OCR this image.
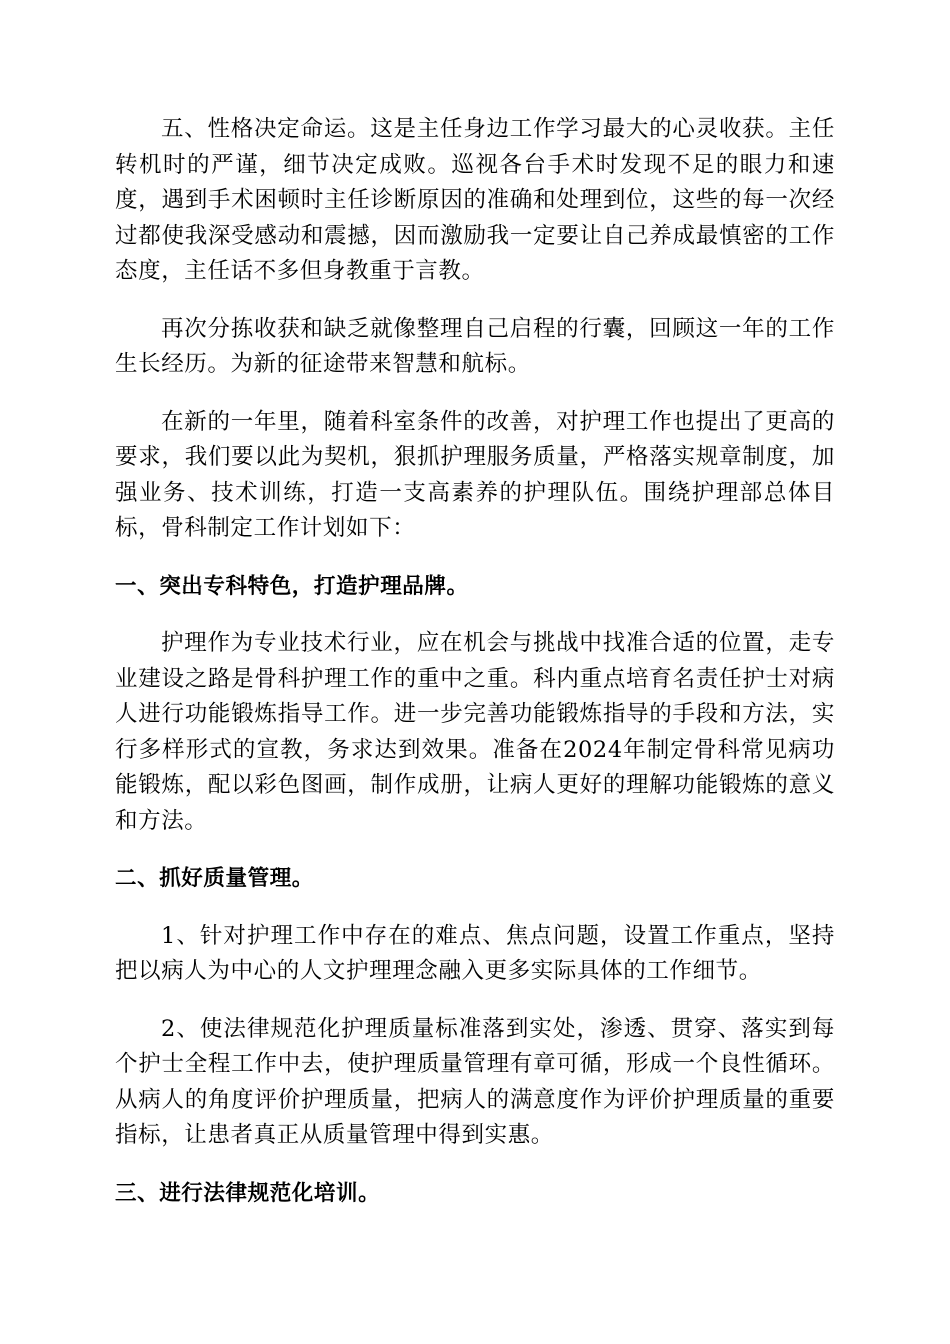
五、性格决定命运。这是主任身边工作学习最大的心灵收获。主任转机时的严谨，细节决定成败。巡视各台手术时发现不足的眼力和速度，遇到手术困顿时主任诊断原因的准确和处理到位，这些的每一次经过都使我深受感动和震撼，因而激励我一定要让自己养成最慎密的工作态度，主任话不多但身教重于言教。

再次分拣收获和缺乏就像整理自己启程的行囊，回顾这一年的工作生长经历。为新的征途带来智慧和航标。

在新的一年里，随着科室条件的改善，对护理工作也提出了更高的要求，我们要以此为契机，狠抓护理服务质量，严格落实规章制度，加强业务、技术训练，打造一支高素养的护理队伍。围绕护理部总体目标，骨科制定工作计划如下：

一、突出专科特色，打造护理品牌。

护理作为专业技术行业，应在机会与挑战中找准合适的位置，走专业建设之路是骨科护理工作的重中之重。科内重点培育名责任护士对病人进行功能锻炼指导工作。进一步完善功能锻炼指导的手段和方法，实行多样形式的宣教，务求达到效果。准备在2024年制定骨科常见病功能锻炼，配以彩色图画，制作成册，让病人更好的理解功能锻炼的意义和方法。

二、抓好质量管理。

1、针对护理工作中存在的难点、焦点问题，设置工作重点，坚持把以病人为中心的人文护理理念融入更多实际具体的工作细节。

2、使法律规范化护理质量标准落到实处，渗透、贯穿、落实到每个护士全程工作中去，使护理质量管理有章可循，形成一个良性循环。从病人的角度评价护理质量，把病人的满意度作为评价护理质量的重要指标，让患者真正从质量管理中得到实惠。

三、进行法律规范化培训。
